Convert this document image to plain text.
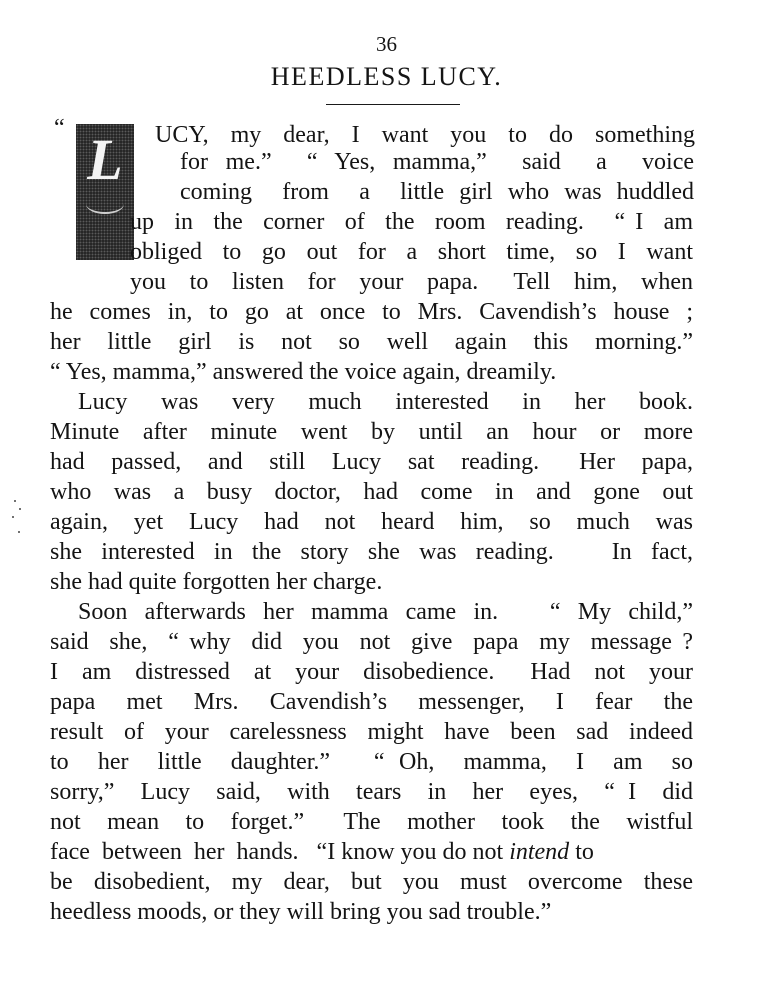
36
HEEDLESS LUCY.
“ L	UCY, my dear, I want you to do something
for me.”  “ Yes, mamma,”  said  a  voice
coming  from  a  little girl who was huddled
up  in  the  corner  of  the  room  reading.   “ I  am
obliged  to  go  out  for  a  short  time,  so  I  want
you  to  listen  for  your  papa.   Tell  him,  when
he comes in, to go at once to Mrs. Cavendish’s house ;
her  little  girl  is  not  so  well  again  this  morning.”
“ Yes, mamma,” answered the voice again, dreamily.
Lucy  was  very  much  interested  in  her  book.
Minute after minute went by until an hour or more
had  passed,  and  still  Lucy  sat  reading.   Her  papa,
who  was  a  busy  doctor,  had  come  in  and  gone  out
again,  yet  Lucy  had  not  heard  him,  so  much  was
she interested in the story she was reading.   In fact,
she had quite forgotten her charge.
Soon afterwards her mamma came in.   “ My child,”
said  she,  “ why  did  you  not  give  papa  my  message ?
I  am  distressed  at  your  disobedience.   Had  not  your
papa  met  Mrs.  Cavendish’s  messenger,  I  fear  the
result  of  your  carelessness  might  have  been  sad  indeed
to  her  little  daughter.”   “ Oh,  mamma,  I  am  so
sorry,”  Lucy  said,  with  tears  in  her  eyes,  “ I  did
not  mean  to  forget.”   The  mother  took  the  wistful
face  between  her  hands.   “I know you do not intend to
be disobedient, my dear, but you must overcome these
heedless moods, or they will bring you sad trouble.”
